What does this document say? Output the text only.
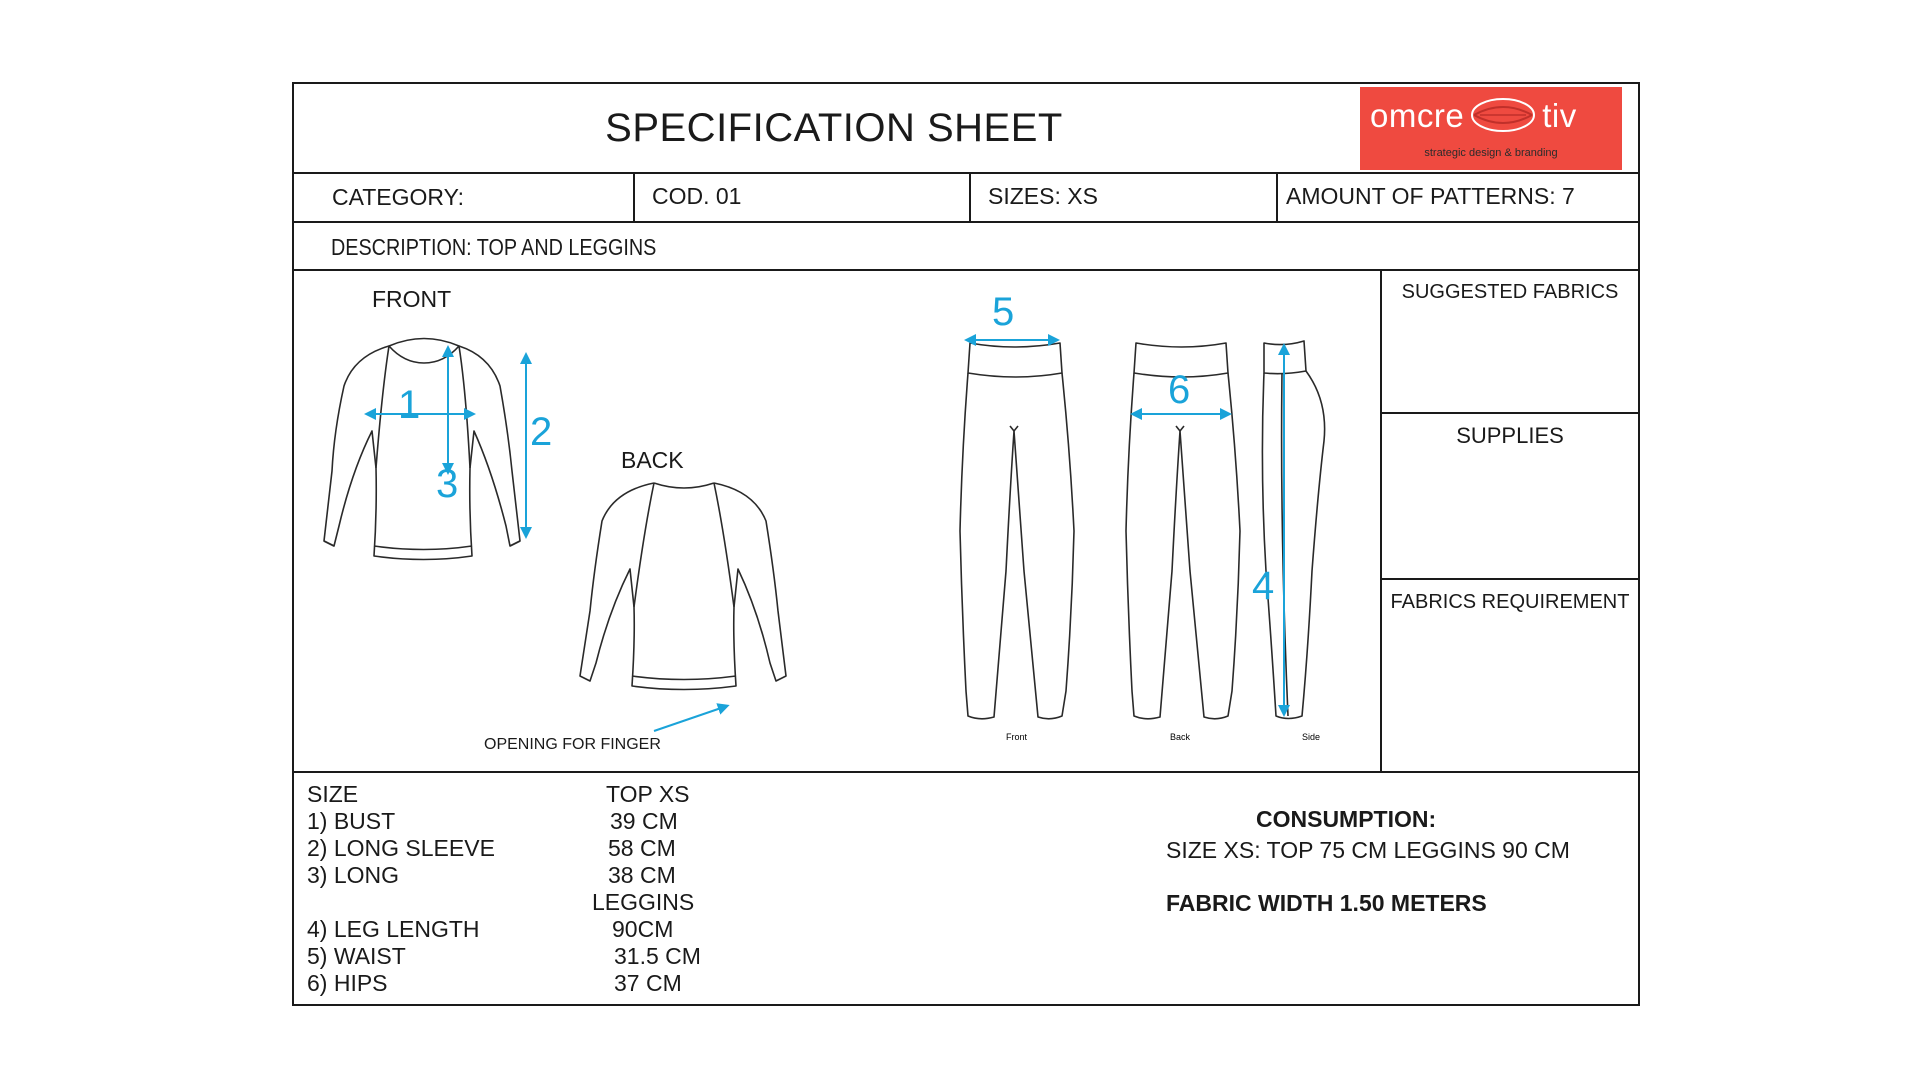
SPECIFICATION SHEET	omcre tiv
strategic design & branding
CATEGORY:	COD. 01	SIZES: XS	AMOUNT OF PATTERNS: 7
DESCRIPTION: TOP AND LEGGINS
FRONT
BACK
OPENING FOR FINGER
SUGGESTED FABRICS
SUPPLIES
FABRICS REQUIREMENT
Front	Back	Side
1
2
3
4
5
6
SIZE	TOP XS
1) BUST	39 CM
2) LONG SLEEVE	58 CM
3) LONG	38 CM
LEGGINS
4) LEG LENGTH	90CM
5) WAIST	31.5 CM
6) HIPS	37 CM
CONSUMPTION:
SIZE XS: TOP 75 CM LEGGINS 90 CM
FABRIC WIDTH 1.50 METERS
